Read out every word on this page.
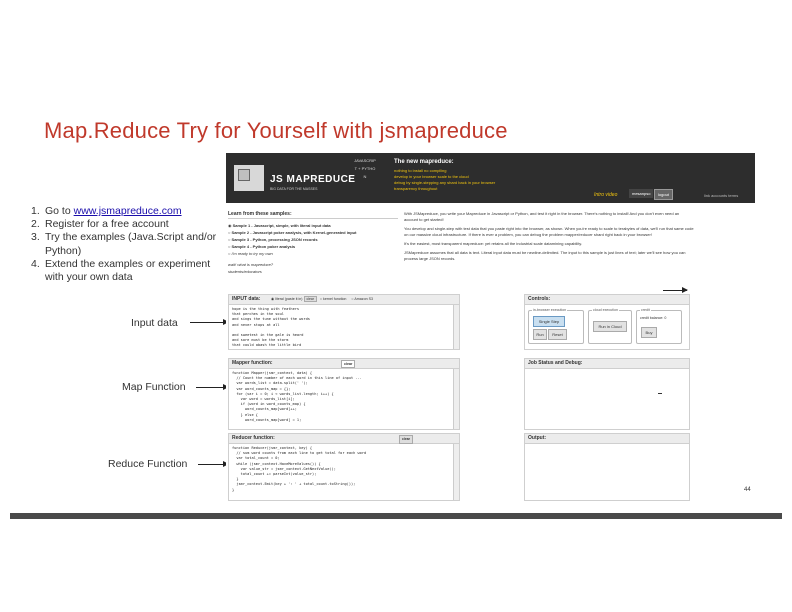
Map.Reduce Try for Yourself with jsmapreduce
1. Go to www.jsmapreduce.com
2. Register for a free account
3. Try the examples (Java.Script and/or Python)
4. Extend the examples or experiment with your own data
Input data
Map Function
Reduce Function
JS MAPREDUCE
BIG DATA FOR THE MASSES
JAVASCRIPT + PYTHON
The new mapreduce:
nothing to install no compiling
develop in your browser scale to the cloud
debug by single-stepping any shard back in your browser
transparency throughout
Intro video	mesanpso	logout	link accounts terms
Learn from these samples:
◉ Sample 1 - Javascript, simple, with literal input data
○ Sample 2 - Javascript poker analysis, with Kernel-generated input
○ Sample 3 - Python, processing JSON records
○ Sample 4 - Python poker analysis
○ I'm ready to try my own
wait! what is mapreduce?
students/educators

With JSMapreduce, you write your Mapreduce in Javascript or Python, and test it right in the browser. There's nothing to install! And you don't even need an account to get started!

You develop and single-step with test data that you paste right into the browser, as shown. When you're ready to scale to terabytes of data, we'll run that same code on our massive cloud infrastructure. If there is ever a problem, you can debug the problem mapper/reducer shard right back in your browser!

It's the easiest, most transparent mapreduce: yet retains all the industrial scale datamining capability.

JSMapreduce assumes that all data is text. Literal input data must be newline-delimited. The input to this sample is just lines of text; later we'll see how you can process large JSON records.

INPUT data:	◉ literal (paste it in) clear ○ kernel function ○ Amazon S3
hope is the thing with feathers
that perches in the soul
and sings the tune without the words
and never stops at all

and sweetest in the gale is heard
and sore must be the storm
that could abash the little bird
Mapper function:	clear
function Mapper(jsmr_context, data) {
// Count the number of each word in this line of input ...
var words_list = data.split(' ');
var word_counts_map = {};
for (var i = 0; i < words_list.length; i++) {
var word = words_list[i];
if (word in word_counts_map) {
word_counts_map[word]++;
} else {
word_counts_map[word] = 1;
Reducer function:	clear
function Reducer(jsmr_context, key) {
// sum word counts from each line to get total for each word
var total_count = 0;
while (jsmr_context.HaveMoreValues()) {
var value_str = jsmr_context.GetNextValue();
total_count += parseInt(value_str);
}
jsmr_context.Emit(key + ': ' + total_count.toString());
}
Controls:
in-browser execution
Single Step
Run	Reset
cloud execution
Run in Cloud
credit
credit balance: 0
Buy
Job Status and Debug:
Output:
44
